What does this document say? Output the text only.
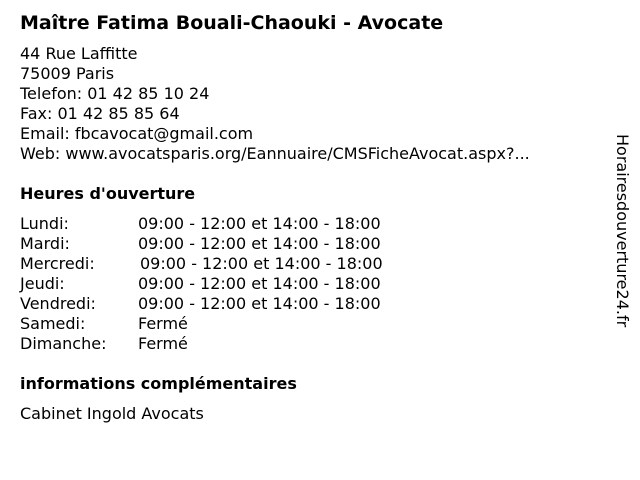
Maître Fatima Bouali-Chaouki - Avocate
44 Rue Laffitte
75009 Paris
Telefon: 01 42 85 10 24
Fax: 01 42 85 85 64
Email: fbcavocat@gmail.com
Web: www.avocatsparis.org/Eannuaire/CMSFicheAvocat.aspx?...
Heures d'ouverture
Lundi:	09:00 - 12:00 et 14:00 - 18:00
Mardi:	09:00 - 12:00 et 14:00 - 18:00
Mercredi:	09:00 - 12:00 et 14:00 - 18:00
Jeudi:	09:00 - 12:00 et 14:00 - 18:00
Vendredi:	09:00 - 12:00 et 14:00 - 18:00
Samedi:	Fermé
Dimanche: Fermé
informations complémentaires
Cabinet Ingold Avocats
Horairesdouverture24.fr
